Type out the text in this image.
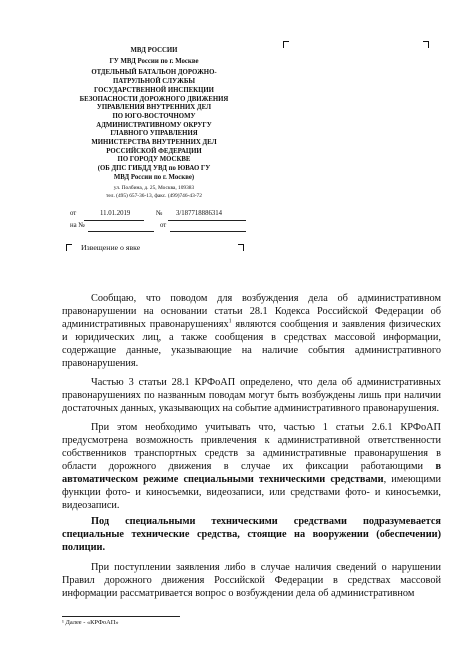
МВД РОССИИ
ГУ МВД России по г. Москве
ОТДЕЛЬНЫЙ БАТАЛЬОН ДОРОЖНО-
ПАТРУЛЬНОЙ СЛУЖБЫ
ГОСУДАРСТВЕННОЙ ИНСПЕКЦИИ
БЕЗОПАСНОСТИ ДОРОЖНОГО ДВИЖЕНИЯ
УПРАВЛЕНИЯ ВНУТРЕННИХ ДЕЛ
ПО ЮГО-ВОСТОЧНОМУ
АДМИНИСТРАТИВНОМУ ОКРУГУ
ГЛАВНОГО УПРАВЛЕНИЯ
МИНИСТЕРСТВА ВНУТРЕННИХ ДЕЛ
РОССИЙСКОЙ ФЕДЕРАЦИИ
ПО ГОРОДУ МОСКВЕ
(ОБ ДПС ГИБДД УВД по ЮВАО ГУ
МВД России по г. Москве)
ул. Полбина, д. 25, Москва, 109383
тел. (495) 657-36-13, факс. (499)746-43-72
от	11.01.2019	№ 3/187718886314
на №	от
Извещение о явке

Сообщаю, что поводом для возбуждения дела об административном правонарушении на основании статьи 28.1 Кодекса Российской Федерации об административных правонарушениях$^1$ являются сообщения и заявления физических и юридических лиц, а также сообщения в средствах массовой информации, содержащие данные, указывающие на наличие события административного правонарушения.

Частью 3 статьи 28.1 КРФоАП определено, что дела об административных правонарушениях по названным поводам могут быть возбуждены лишь при наличии достаточных данных, указывающих на событие административного правонарушения.

При этом необходимо учитывать что, частью 1 статьи 2.6.1 КРФоАП предусмотрена возможность привлечения к административной ответственности собственников транспортных средств за административные правонарушения в области дорожного движения в случае их фиксации работающими в автоматическом режиме специальными техническими средствами, имеющими функции фото- и киносъемки, видеозаписи, или средствами фото- и киносъемки, видеозаписи.

Под специальными техническими средствами подразумевается специальные технические средства, стоящие на вооружении (обеспечении) полиции.

При поступлении заявления либо в случае наличия сведений о нарушении Правил дорожного движения Российской Федерации в средствах массовой информации рассматривается вопрос о возбуждении дела об административном

¹ Далее - «КРФоАП»
